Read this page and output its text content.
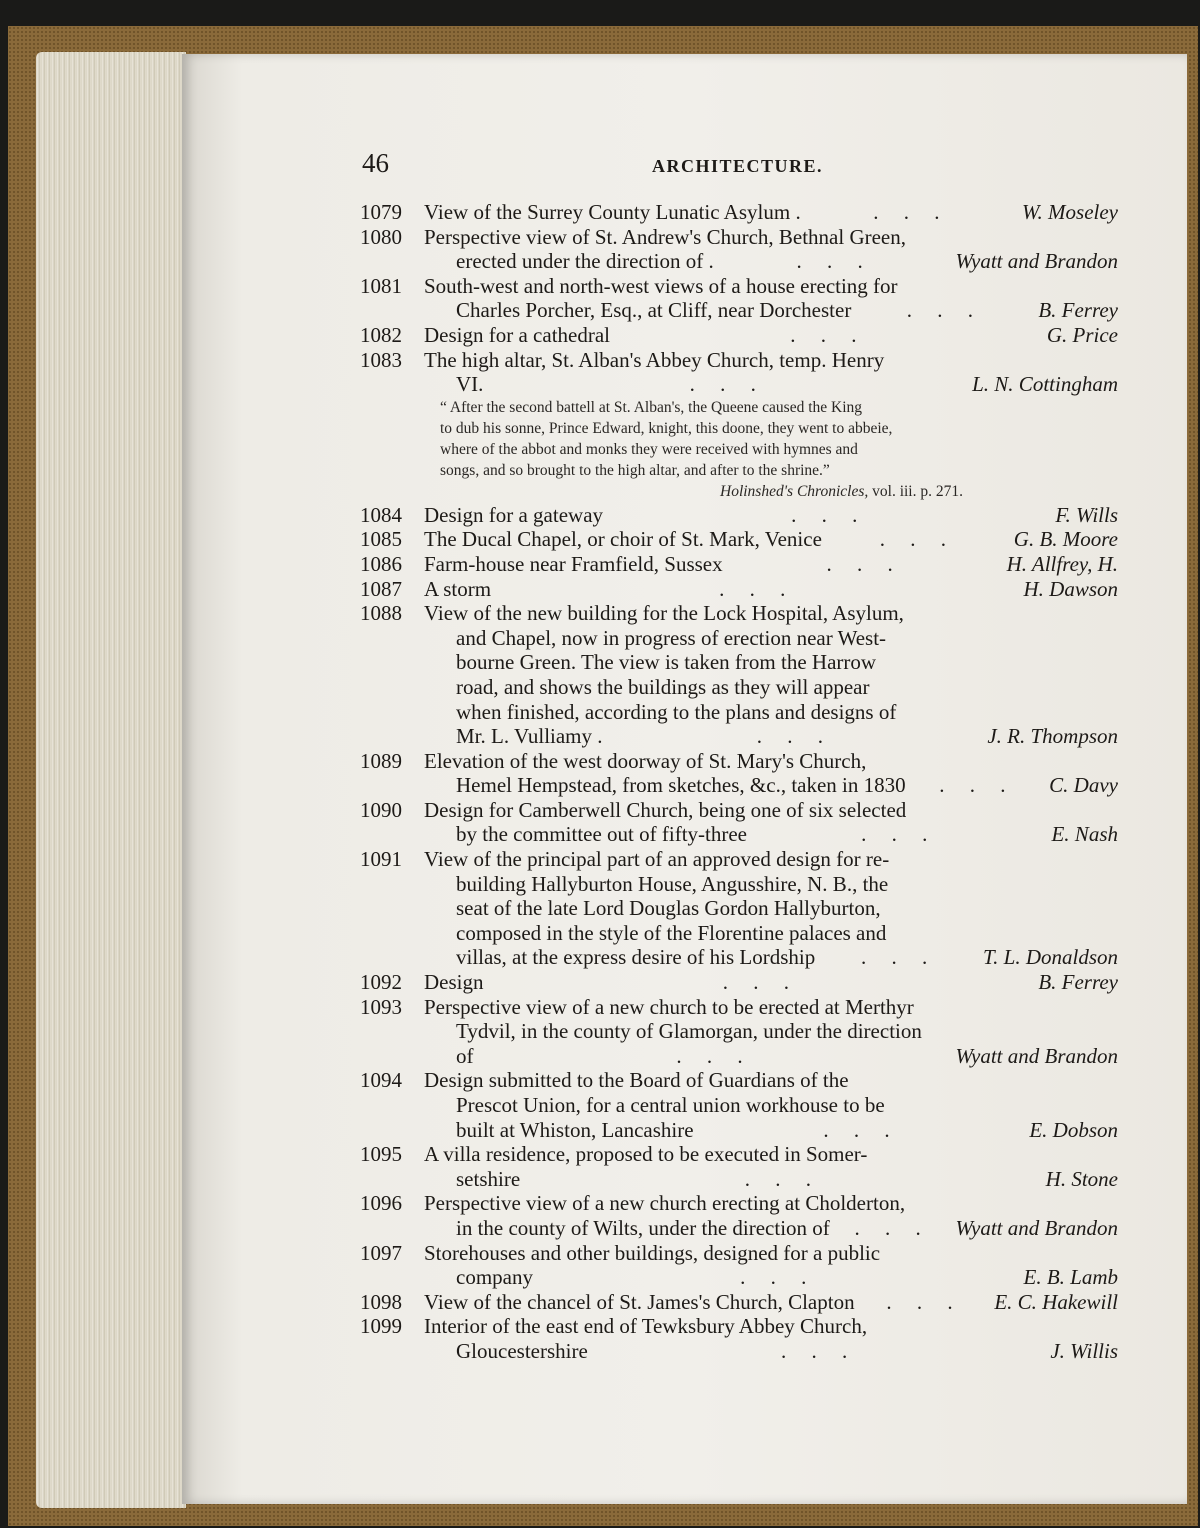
46	ARCHITECTURE.
1079	View of the Surrey County Lunatic Asylum .	. . .	W. Moseley
1080	Perspective view of St. Andrew's Church, Bethnal Green,
erected under the direction of .	. . .	Wyatt and Brandon
1081	South-west and north-west views of a house erecting for
Charles Porcher, Esq., at Cliff, near Dorchester	. . .	B. Ferrey
1082	Design for a cathedral	. . .	G. Price
1083	The high altar, St. Alban's Abbey Church, temp. Henry
VI.	. . .	L. N. Cottingham
“ After the second battell at St. Alban's, the Queene caused the King
to dub his sonne, Prince Edward, knight, this doone, they went to abbeie,
where of the abbot and monks they were received with hymnes and
songs, and so brought to the high altar, and after to the shrine.”
Holinshed's Chronicles, vol. iii. p. 271.
1084	Design for a gateway	. . .	F. Wills
1085	The Ducal Chapel, or choir of St. Mark, Venice	. . .	G. B. Moore
1086	Farm-house near Framfield, Sussex	. . .	H. Allfrey, H.
1087	A storm	. . .	H. Dawson
1088	View of the new building for the Lock Hospital, Asylum,
and Chapel, now in progress of erection near West-
bourne Green. The view is taken from the Harrow
road, and shows the buildings as they will appear
when finished, according to the plans and designs of
Mr. L. Vulliamy .	. . .	J. R. Thompson
1089	Elevation of the west doorway of St. Mary's Church,
Hemel Hempstead, from sketches, &c., taken in 1830	. . .	C. Davy
1090	Design for Camberwell Church, being one of six selected
by the committee out of fifty-three	. . .	E. Nash
1091	View of the principal part of an approved design for re-
building Hallyburton House, Angusshire, N. B., the
seat of the late Lord Douglas Gordon Hallyburton,
composed in the style of the Florentine palaces and
villas, at the express desire of his Lordship	. . .	T. L. Donaldson
1092	Design	. . .	B. Ferrey
1093	Perspective view of a new church to be erected at Merthyr
Tydvil, in the county of Glamorgan, under the direction
of	. . .	Wyatt and Brandon
1094	Design submitted to the Board of Guardians of the
Prescot Union, for a central union workhouse to be
built at Whiston, Lancashire	. . .	E. Dobson
1095	A villa residence, proposed to be executed in Somer-
setshire	. . .	H. Stone
1096	Perspective view of a new church erecting at Cholderton,
in the county of Wilts, under the direction of	. . .	Wyatt and Brandon
1097	Storehouses and other buildings, designed for a public
company	. . .	E. B. Lamb
1098	View of the chancel of St. James's Church, Clapton	. . .	E. C. Hakewill
1099	Interior of the east end of Tewksbury Abbey Church,
Gloucestershire	. . .	J. Willis
